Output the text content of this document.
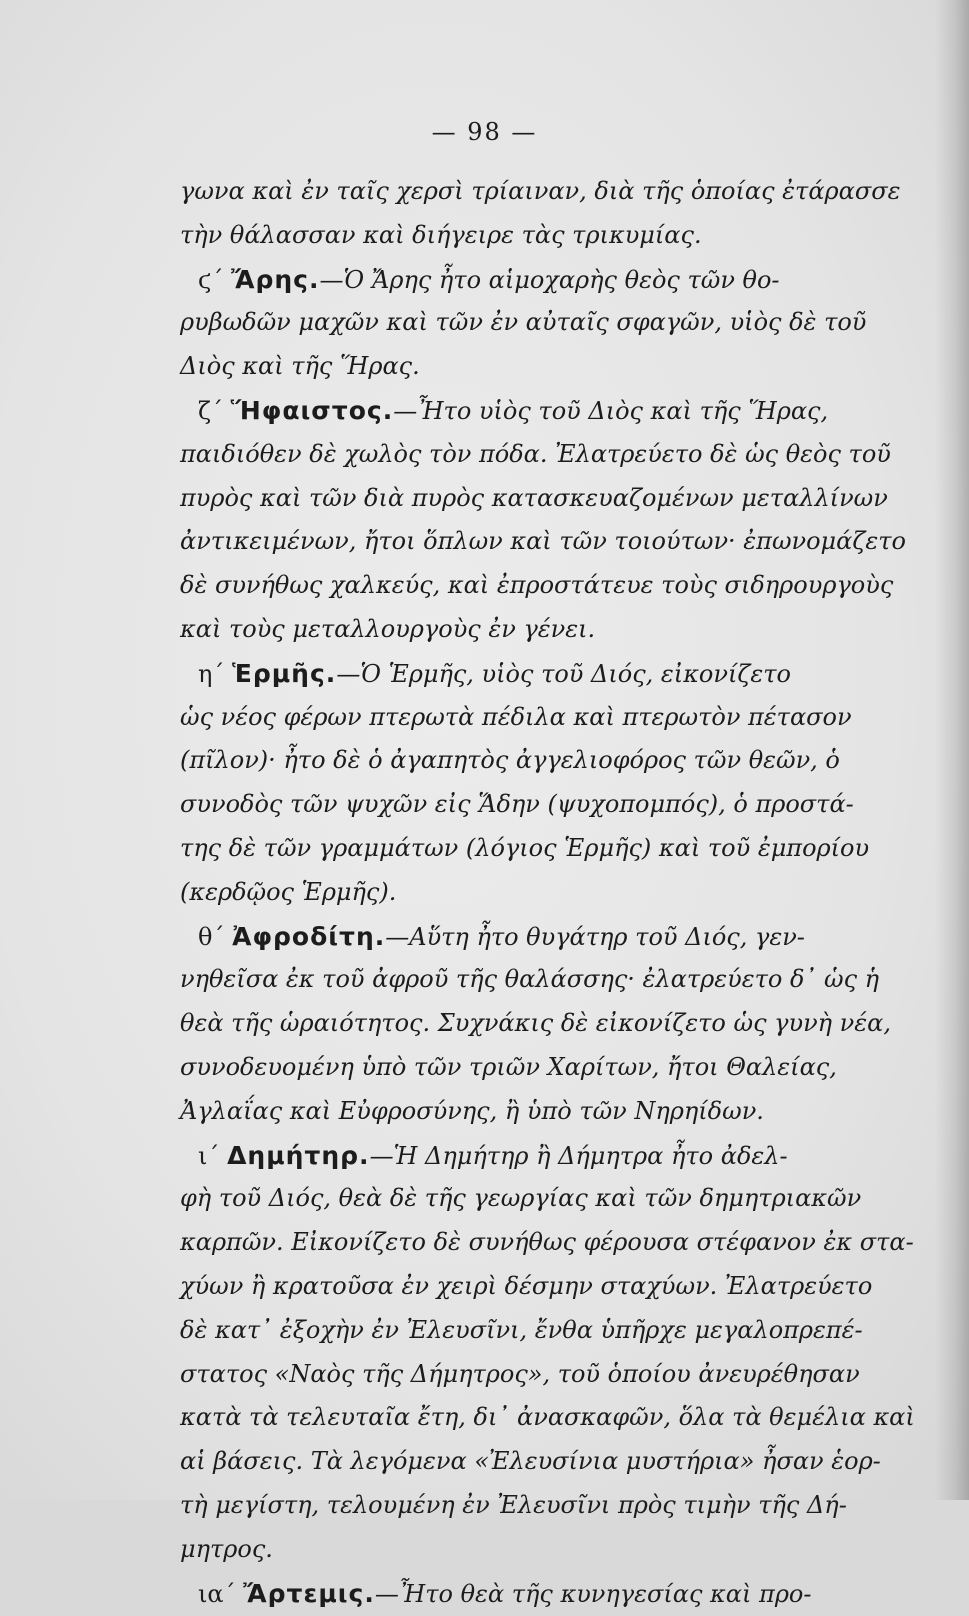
— 98 —
γωνα καὶ ἐν ταῖς χερσὶ τρίαιναν, διὰ τῆς ὁποίας ἐτάρασσε
τὴν θάλασσαν καὶ διήγειρε τὰς τρικυμίας.
ϛ΄ Ἄρης.—Ὁ Ἄρης ἦτο αἱμοχαρὴς θεὸς τῶν θο-
ρυβωδῶν μαχῶν καὶ τῶν ἐν αὐταῖς σφαγῶν, υἱὸς δὲ τοῦ
Διὸς καὶ τῆς Ἥρας.
ζ΄ Ἥφαιστος.—Ἦτο υἱὸς τοῦ Διὸς καὶ τῆς Ἥρας,
παιδιόθεν δὲ χωλὸς τὸν πόδα. Ἐλατρεύετο δὲ ὡς θεὸς τοῦ
πυρὸς καὶ τῶν διὰ πυρὸς κατασκευαζομένων μεταλλίνων
ἀντικειμένων, ἤτοι ὅπλων καὶ τῶν τοιούτων· ἐπωνομάζετο
δὲ συνήθως χαλκεύς, καὶ ἐπροστάτευε τοὺς σιδηρουργοὺς
καὶ τοὺς μεταλλουργοὺς ἐν γένει.
η΄ Ἑρμῆς.—Ὁ Ἑρμῆς, υἱὸς τοῦ Διός, εἰκονίζετο
ὡς νέος φέρων πτερωτὰ πέδιλα καὶ πτερωτὸν πέτασον
(πῖλον)· ἦτο δὲ ὁ ἀγαπητὸς ἀγγελιοφόρος τῶν θεῶν, ὁ
συνοδὸς τῶν ψυχῶν εἰς Ἅδην (ψυχοπομπός), ὁ προστά-
της δὲ τῶν γραμμάτων (λόγιος Ἑρμῆς) καὶ τοῦ ἐμπορίου
(κερδῷος Ἑρμῆς).
θ΄ Ἀφροδίτη.—Αὕτη ἦτο θυγάτηρ τοῦ Διός, γεν-
νηθεῖσα ἐκ τοῦ ἀφροῦ τῆς θαλάσσης· ἐλατρεύετο δ᾽ ὡς ἡ
θεὰ τῆς ὡραιότητος. Συχνάκις δὲ εἰκονίζετο ὡς γυνὴ νέα,
συνοδευομένη ὑπὸ τῶν τριῶν Χαρίτων, ἤτοι Θαλείας,
Ἀγλαΐας καὶ Εὐφροσύνης, ἢ ὑπὸ τῶν Νηρηίδων.
ι΄ Δημήτηρ.—Ἡ Δημήτηρ ἢ Δήμητρα ἦτο ἀδελ-
φὴ τοῦ Διός, θεὰ δὲ τῆς γεωργίας καὶ τῶν δημητριακῶν
καρπῶν. Εἰκονίζετο δὲ συνήθως φέρουσα στέφανον ἐκ στα-
χύων ἢ κρατοῦσα ἐν χειρὶ δέσμην σταχύων. Ἐλατρεύετο
δὲ κατ᾽ ἐξοχὴν ἐν Ἐλευσῖνι, ἔνθα ὑπῆρχε μεγαλοπρεπέ-
στατος «Ναὸς τῆς Δήμητρος», τοῦ ὁποίου ἀνευρέθησαν
κατὰ τὰ τελευταῖα ἔτη, δι᾽ ἀνασκαφῶν, ὅλα τὰ θεμέλια καὶ
αἱ βάσεις. Τὰ λεγόμενα «Ἐλευσίνια μυστήρια» ἦσαν ἑορ-
τὴ μεγίστη, τελουμένη ἐν Ἐλευσῖνι πρὸς τιμὴν τῆς Δή-
μητρος.
ια΄ Ἄρτεμις.—Ἦτο θεὰ τῆς κυνηγεσίας καὶ προ-
